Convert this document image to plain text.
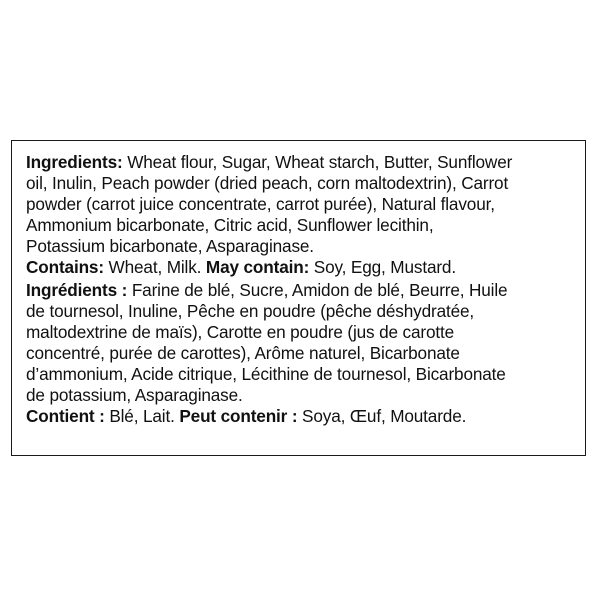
Ingredients: Wheat flour, Sugar, Wheat starch, Butter, Sunflower
oil, Inulin, Peach powder (dried peach, corn maltodextrin), Carrot
powder (carrot juice concentrate, carrot purée), Natural flavour,
Ammonium bicarbonate, Citric acid, Sunflower lecithin,
Potassium bicarbonate, Asparaginase.
Contains: Wheat, Milk. May contain: Soy, Egg, Mustard.

Ingrédients : Farine de blé, Sucre, Amidon de blé, Beurre, Huile
de tournesol, Inuline, Pêche en poudre (pêche déshydratée,
maltodextrine de maïs), Carotte en poudre (jus de carotte
concentré, purée de carottes), Arôme naturel, Bicarbonate
d’ammonium, Acide citrique, Lécithine de tournesol, Bicarbonate
de potassium, Asparaginase.
Contient : Blé, Lait. Peut contenir : Soya, Œuf, Moutarde.
